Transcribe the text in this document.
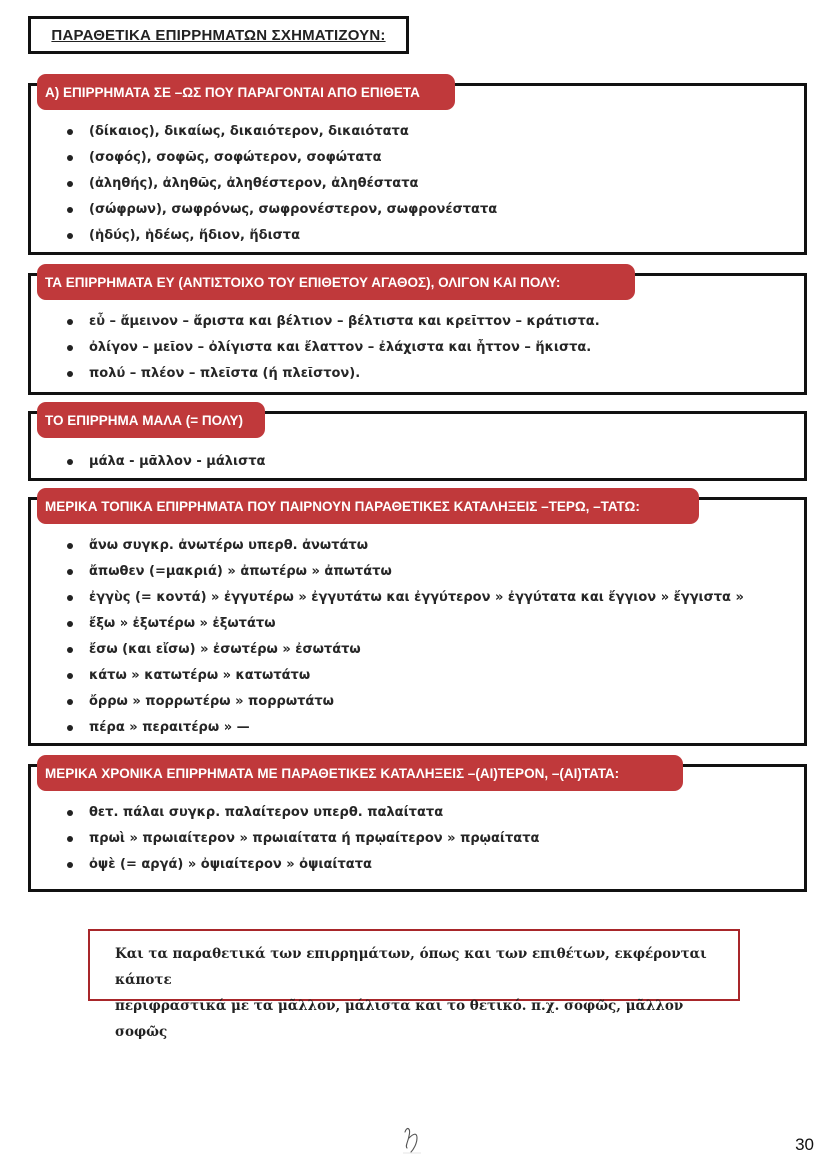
ΠΑΡΑΘΕΤΙΚΑ ΕΠΙΡΡΗΜΑΤΩΝ ΣΧΗΜΑΤΙΖΟΥΝ:
Α) ΕΠΙΡΡΗΜΑΤΑ ΣΕ –ΩΣ ΠΟΥ ΠΑΡΑΓΟΝΤΑΙ ΑΠΟ ΕΠΙΘΕΤΑ
(δίκαιος), δικαίως, δικαιότερον, δικαιότατα
(σοφός), σοφῶς, σοφώτερον, σοφώτατα
(ἀληθής), ἀληθῶς, ἀληθέστερον, ἀληθέστατα
(σώφρων), σωφρόνως, σωφρονέστερον, σωφρονέστατα
(ἡδύς), ἡδέως, ἥδιον, ἥδιστα
ΤΑ ΕΠΙΡΡΗΜΑΤΑ ΕΥ (ΑΝΤΙΣΤΟΙΧΟ ΤΟΥ ΕΠΙΘΕΤΟΥ ΑΓΑΘΟΣ), ΟΛΙΓΟΝ ΚΑΙ ΠΟΛΥ:
εὖ – ἄμεινον – ἄριστα και βέλτιον – βέλτιστα και κρεῖττον – κράτιστα.
ὀλίγον – μεῖον – ὀλίγιστα και ἔλαττον – ἐλάχιστα και ἧττον – ἥκιστα.
πολύ – πλέον – πλεῖστα (ή πλεῖστον).
ΤΟ ΕΠΙΡΡΗΜΑ ΜΑΛΑ (= ΠΟΛΥ)
μάλα - μᾶλλον - μάλιστα
ΜΕΡΙΚΑ ΤΟΠΙΚΑ ΕΠΙΡΡΗΜΑΤΑ ΠΟΥ ΠΑΙΡΝΟΥΝ ΠΑΡΑΘΕΤΙΚΕΣ ΚΑΤΑΛΗΞΕΙΣ –ΤΕΡΩ, –ΤΑΤΩ:
ἄνω συγκρ. ἀνωτέρω υπερθ. ἀνωτάτω
ἄπωθεν (=μακριά) » ἀπωτέρω » ἀπωτάτω
ἐγγὺς (= κοντά) » ἐγγυτέρω » ἐγγυτάτω και ἐγγύτερον » ἐγγύτατα και ἔγγιον » ἔγγιστα »
ἔξω » ἐξωτέρω » ἐξωτάτω
ἔσω (και εἴσω) » ἐσωτέρω » ἐσωτάτω
κάτω » κατωτέρω » κατωτάτω
ὄρρω » πορρωτέρω » πορρωτάτω
πέρα » περαιτέρω » —
ΜΕΡΙΚΑ ΧΡΟΝΙΚΑ ΕΠΙΡΡΗΜΑΤΑ ΜΕ ΠΑΡΑΘΕΤΙΚΕΣ ΚΑΤΑΛΗΞΕΙΣ –(ΑΙ)ΤΕΡΟΝ, –(ΑΙ)ΤΑΤΑ:
θετ. πάλαι συγκρ. παλαίτερον υπερθ. παλαίτατα
πρωὶ » πρωιαίτερον » πρωιαίτατα ή πρῳαίτερον » πρῳαίτατα
ὀψὲ (= αργά) » ὀψιαίτερον » ὀψιαίτατα

Και τα παραθετικά των επιρρημάτων, όπως και των επιθέτων, εκφέρονται κάποτε
περιφραστικά με τα μᾶλλον, μάλιστα και το θετικό. π.χ. σοφῶς, μᾶλλον σοφῶς

30
